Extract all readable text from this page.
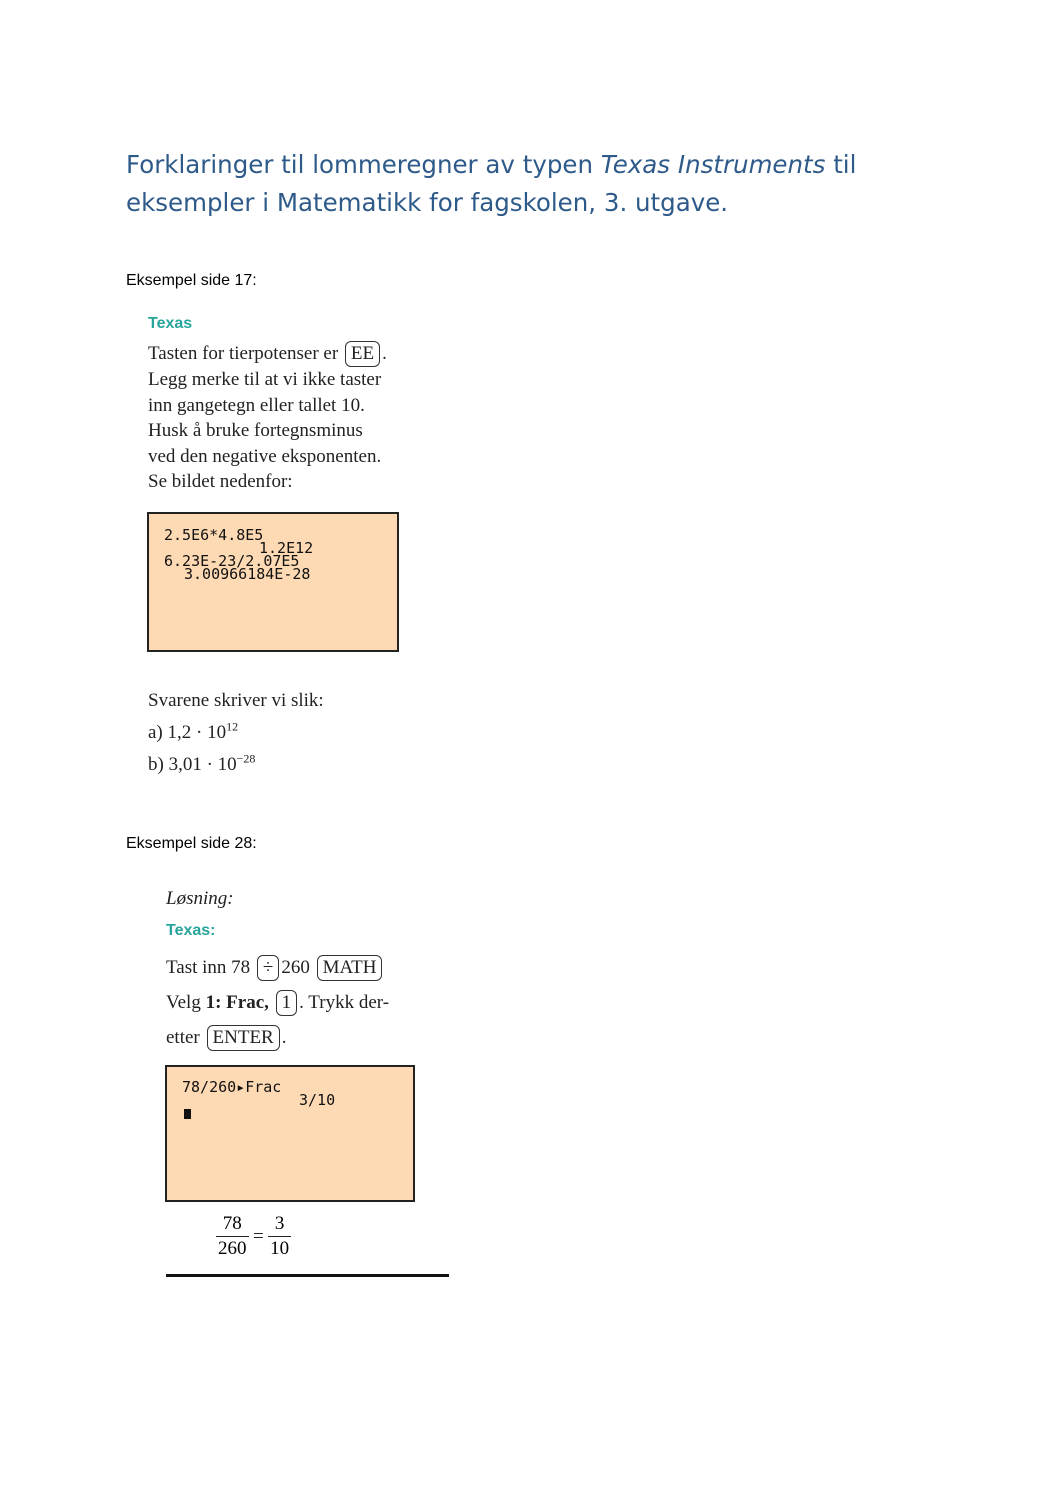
Forklaringer til lommeregner av typen Texas Instruments til eksempler i Matematikk for fagskolen, 3. utgave.
Eksempel side 17:
Texas
Tasten for tierpotenser er EE .
Legg merke til at vi ikke taster
inn gangetegn eller tallet 10.
Husk å bruke fortegnsminus
ved den negative eksponenten.
Se bildet nedenfor:
2.5E6*4.8E5
1.2E12
6.23E-23/2.07E5
3.00966184E-28
Svarene skriver vi slik:
a) $1,2 \cdot 10^{12}$
b) $3,01 \cdot 10^{-28}$
Eksempel side 28:
Løsning:
Texas:
Tast inn 78 ÷ 260 MATH
Velg 1: Frac, 1 . Trykk der-
etter ENTER .
78/260▸Frac
3/10
$\frac{78}{260} = \frac{3}{10}$
